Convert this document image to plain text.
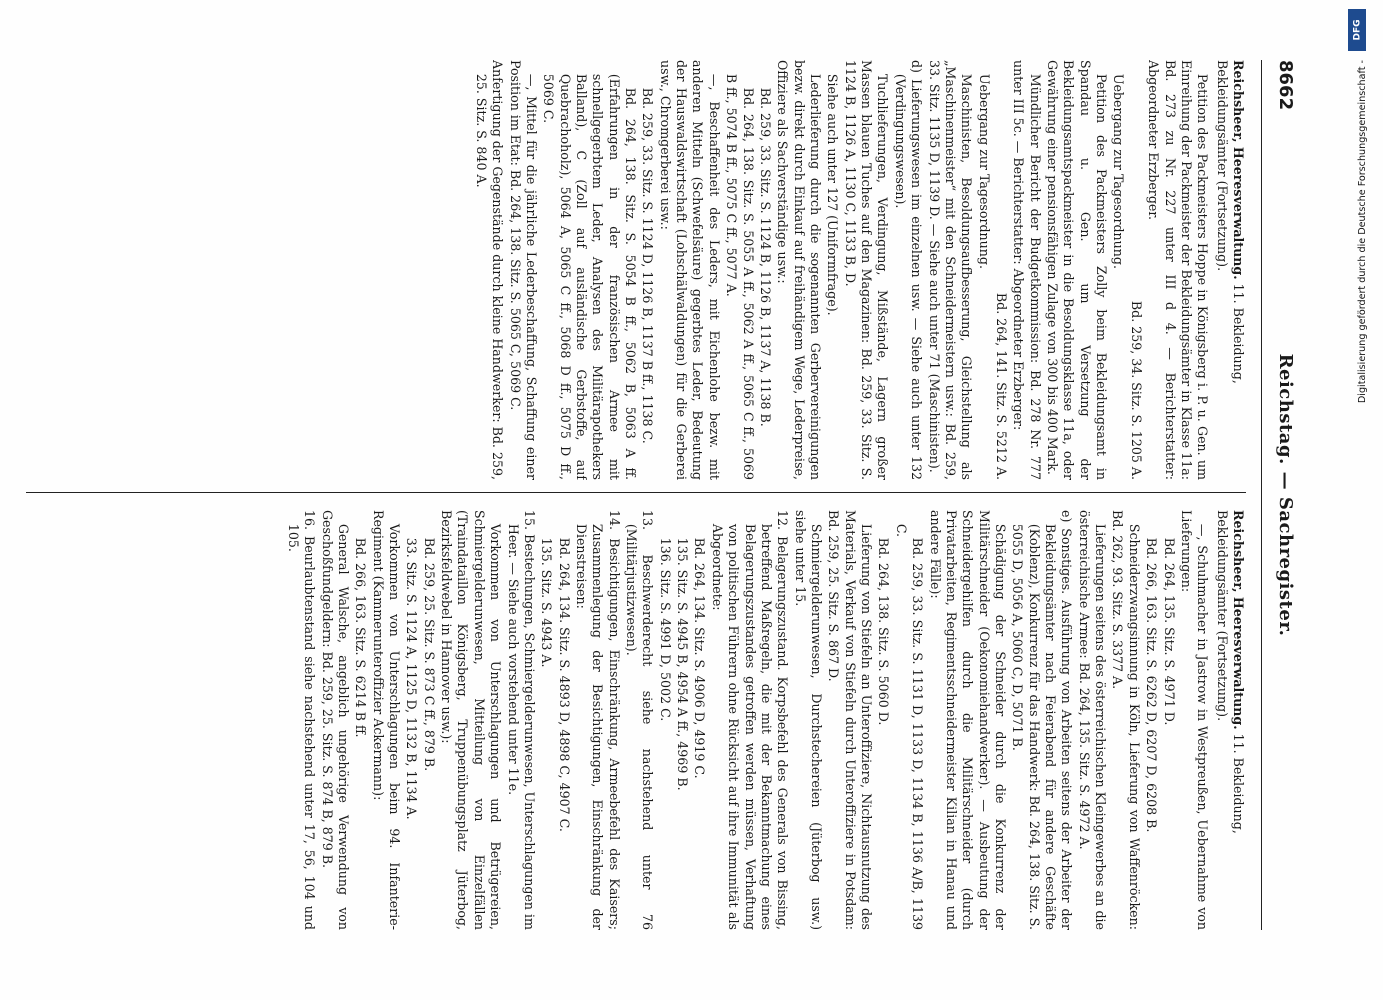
8662
Reichstag. — Sachregister.
Reichsheer, Heeresverwaltung. 11. Bekleidung, Bekleidungsämter (Fortsetzung).

Petition des Packmeisters Hoppe in Königsberg i. P. u. Gen. um Einreihung der Packmeister der Bekleidungsämter in Klasse 11a: Bd. 273 zu Nr. 227 unter III d 4. — Berichterstatter: Abgeordneter Erzberger.

Bd. 259, 34. Sitz. S. 1205 A.

Uebergang zur Tagesordnung.

Petition des Packmeisters Zolly beim Bekleidungsamt in Spandau u. Gen. um Versetzung der Bekleidungsamtspackmeister in die Besoldungsklasse 11a, oder Gewährung einer pensionsfähigen Zulage von 300 bis 400 Mark.

Mündlicher Bericht der Budgetkommission: Bd. 278 Nr. 777 unter III 5c. — Berichterstatter: Abgeordneter Erzberger:

Bd. 264, 141. Sitz. S. 5212 A.

Uebergang zur Tagesordnung.

Maschinisten, Besoldungsaufbesserung, Gleichstellung als „Maschinenmeister“ mit den Schneidermeistern usw.: Bd. 259, 33. Sitz. 1135 D, 1139 D. — Siehe auch unter 71 (Maschinisten).

d) Lieferungswesen im einzelnen usw. — Siehe auch unter 132 (Verdingungswesen).

Tuchlieferungen, Verdingung, Mißstände, Lagern großer Massen blauen Tuches auf den Magazinen: Bd. 259, 33. Sitz. S. 1124 B, 1126 A, 1130 C, 1133 B, D.

Siehe auch unter 127 (Uniformfrage).

Lederlieferung durch die sogenannten Gerbervereinigungen bezw. direkt durch Einkauf auf freihändigem Wege, Lederpreise, Offiziere als Sachverständige usw.:

Bd. 259, 33. Sitz. S. 1124 B, 1126 B, 1137 A, 1138 B.

Bd. 264, 138. Sitz. S. 5055 A ff., 5062 A ff., 5065 C ff., 5069 B ff., 5074 B ff., 5075 C ff., 5077 A.

—, Beschaffenheit des Leders, mit Eichenlohe bezw. mit anderen Mitteln (Schwefelsäure) gegerbtes Leder, Bedeutung der Hauswaldswirtschaft (Lohschälwaldungen) für die Gerberei usw., Chromgerberei usw.:

Bd. 259, 33. Sitz. S. 1124 D, 1126 B, 1137 B ff., 1138 C.

Bd. 264, 138. Sitz. S. 5054 B ff., 5062 B, 5063 A ff. (Erfahrungen in der französischen Armee mit schnellgegerbtem Leder, Analysen des Militärapothekers Balland), C (Zoll auf ausländische Gerbstoffe, auf Quebrachoholz), 5064 A, 5065 C ff., 5068 D ff., 5075 D ff., 5069 C.

—, Mittel für die jährliche Lederbeschaffung, Schaffung einer Position im Etat: Bd. 264, 138. Sitz. S. 5065 C, 5069 C.

Anfertigung der Gegenstände durch kleine Handwerker: Bd. 259, 25. Sitz. S. 840 A.

Reichsheer, Heeresverwaltung. 11. Bekleidung, Bekleidungsämter (Fortsetzung).

—, Schuhmacher in Jastrow in Westpreußen, Uebernahme von Lieferungen:

Bd. 264, 135. Sitz. S. 4971 D.

Bd. 266, 163. Sitz. S. 6262 D, 6207 D, 6208 B.

Schneiderzwangsinnung in Köln, Lieferung von Waffenröcken: Bd. 262, 93. Sitz. S. 3377 A.

Lieferungen seitens des österreichischen Kleingewerbes an die österreichische Armee: Bd. 264, 135. Sitz. S. 4972 A.

e) Sonstiges. Ausführung von Arbeiten seitens der Arbeiter der Bekleidungsämter nach Feierabend für andere Geschäfte (Koblenz), Konkurrenz für das Handwerk: Bd. 264, 138. Sitz. S. 5055 D, 5056 A, 5060 C, D, 5071 B.

Schädigung der Schneider durch die Konkurrenz der Militärschneider (Oekonomiehandwerker). — Ausbeutung der Schneidergehilfen durch die Militärschneider (durch Privatarbeiten, Regimentsschneidermeister Kilian in Hanau und andere Fälle):

Bd. 259, 33. Sitz. S. 1131 D, 1133 D, 1134 B, 1136 A/B, 1139 C.

Bd. 264, 138. Sitz. S. 5060 D.

Lieferung von Stiefeln an Unteroffiziere, Nichtausnutzung des Materials, Verkauf von Stiefeln durch Unteroffiziere in Potsdam: Bd. 259, 25. Sitz. S. 867 D.

Schmiergelderunwesen, Durchstechereien (Jüterbog usw.) siehe unter 15.

12. Belagerungszustand. Korpsbefehl des Generals von Bissing, betreffend Maßregeln, die mit der Bekanntmachung eines Belagerungszustandes getroffen werden müssen, Verhaftung von politischen Führern ohne Rücksicht auf ihre Immunität als Abgeordnete:

Bd. 264, 134. Sitz. S. 4906 D, 4919 C.

135. Sitz. S. 4945 B, 4954 A ff., 4969 B.

136. Sitz. S. 4991 D, 5002 C.

13. Beschwerderecht siehe nachstehend unter 76 (Militärjustizwesen).

14. Besichtigungen, Einschränkung, Armeebefehl des Kaisers; Zusammenlegung der Besichtigungen, Einschränkung der Dienstreisen:

Bd. 264, 134. Sitz. S. 4893 D, 4898 C, 4907 C.

135. Sitz. S. 4943 A.

15. Bestechungen, Schmiergelderunwesen, Unterschlagungen im Heer. — Siehe auch vorstehend unter 11e.

Vorkommen von Unterschlagungen und Betrügereien, Schmiergelderunwesen, Mitteilung von Einzelfällen (Traindataillon Königsberg, Truppenübungsplatz Jüterbog, Bezirksfeldwebel in Hannover usw.):

Bd. 259, 25. Sitz. S. 873 C ff., 879 B.

33. Sitz. S. 1124 A, 1125 D, 1132 B, 1134 A.

Vorkommen von Unterschlagungen beim 94. Infanterie-Regiment (Kammerunteroffizier Ackermann):

Bd. 266, 163. Sitz. S. 6214 B ff.

General Walsche, angeblich ungehörige Verwendung von Geschoßfundgeldern: Bd. 259, 25. Sitz. S. 874 B, 879 B.

16. Beurlaubtenstand siehe nachstehend unter 17, 56, 104 und 105.

DFG
Digitalisierung gefördert durch die Deutsche Forschungsgemeinschaft -
